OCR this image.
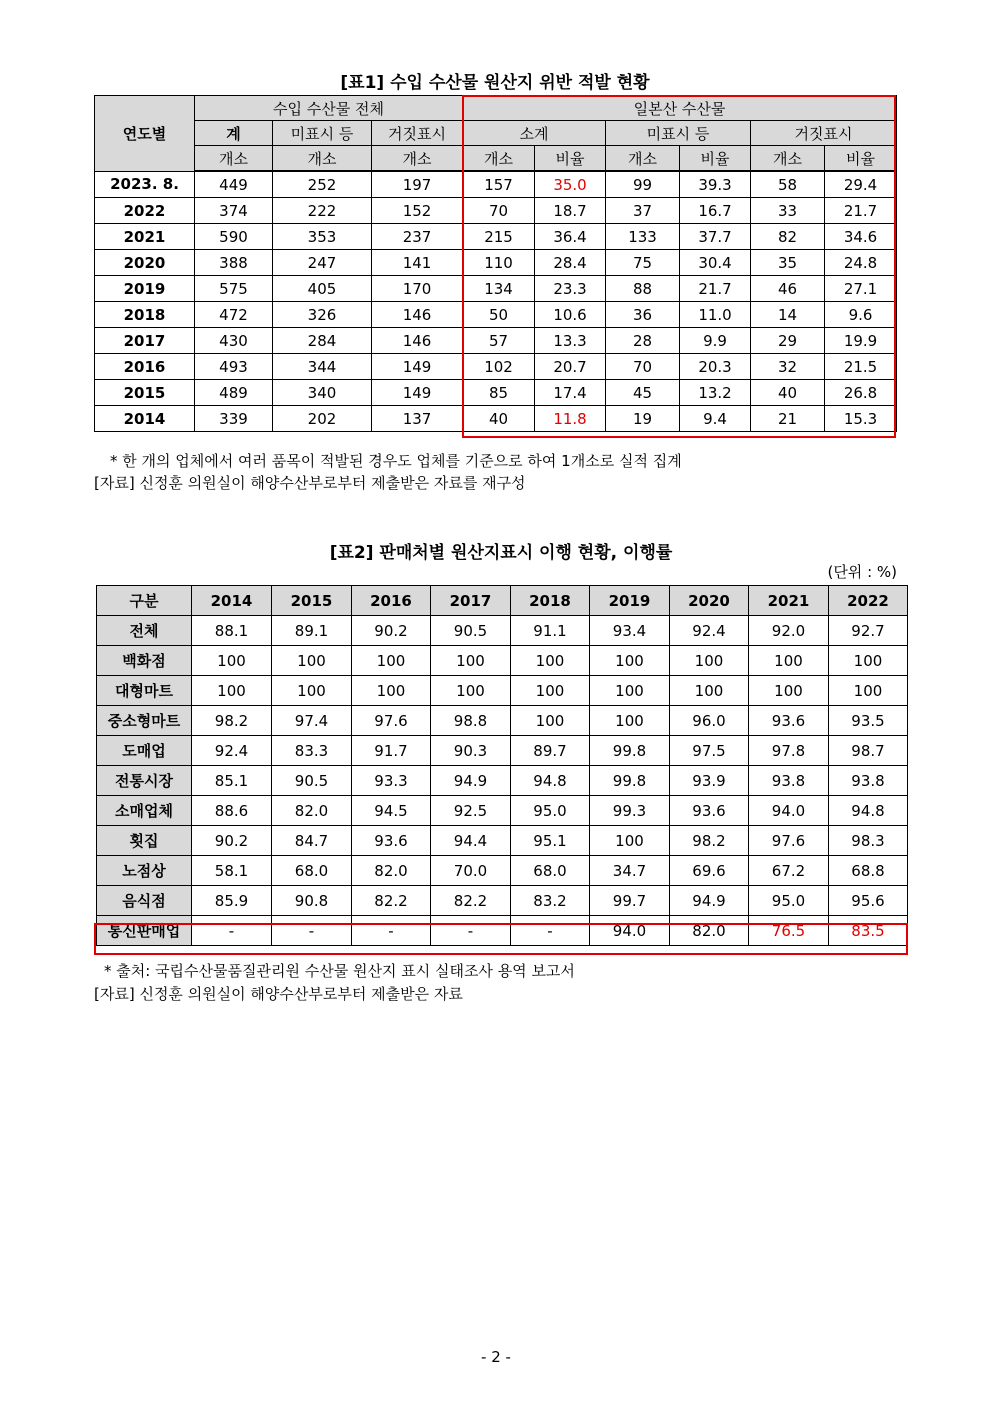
[표1] 수입 수산물 원산지 위반 적발 현황
연도별	수입 수산물 전체			일본산 수산물					
	계	미표시 등	거짓표시	소계		미표시 등		거짓표시	
	개소	개소	개소	개소	비율	개소	비율	개소	비율
2023. 8.	449	252	197	157	35.0	99	39.3	58	29.4
2022	374	222	152	70	18.7	37	16.7	33	21.7
2021	590	353	237	215	36.4	133	37.7	82	34.6
2020	388	247	141	110	28.4	75	30.4	35	24.8
2019	575	405	170	134	23.3	88	21.7	46	27.1
2018	472	326	146	50	10.6	36	11.0	14	9.6
2017	430	284	146	57	13.3	28	9.9	29	19.9
2016	493	344	149	102	20.7	70	20.3	32	21.5
2015	489	340	149	85	17.4	45	13.2	40	26.8
2014	339	202	137	40	11.8	19	9.4	21	15.3
* 한 개의 업체에서 여러 품목이 적발된 경우도 업체를 기준으로 하여 1개소로 실적 집계
[자료] 신정훈 의원실이 해양수산부로부터 제출받은 자료를 재구성
[표2] 판매처별 원산지표시 이행 현황, 이행률
(단위 : %)
구분	2014	2015	2016	2017	2018	2019	2020	2021	2022
전체	88.1	89.1	90.2	90.5	91.1	93.4	92.4	92.0	92.7
백화점	100	100	100	100	100	100	100	100	100
대형마트	100	100	100	100	100	100	100	100	100
중소형마트	98.2	97.4	97.6	98.8	100	100	96.0	93.6	93.5
도매업	92.4	83.3	91.7	90.3	89.7	99.8	97.5	97.8	98.7
전통시장	85.1	90.5	93.3	94.9	94.8	99.8	93.9	93.8	93.8
소매업체	88.6	82.0	94.5	92.5	95.0	99.3	93.6	94.0	94.8
횟집	90.2	84.7	93.6	94.4	95.1	100	98.2	97.6	98.3
노점상	58.1	68.0	82.0	70.0	68.0	34.7	69.6	67.2	68.8
음식점	85.9	90.8	82.2	82.2	83.2	99.7	94.9	95.0	95.6
통신판매업	-	-	-	-	-	94.0	82.0	76.5	83.5
* 출처: 국립수산물품질관리원 수산물 원산지 표시 실태조사 용역 보고서
[자료] 신정훈 의원실이 해양수산부로부터 제출받은 자료
- 2 -
